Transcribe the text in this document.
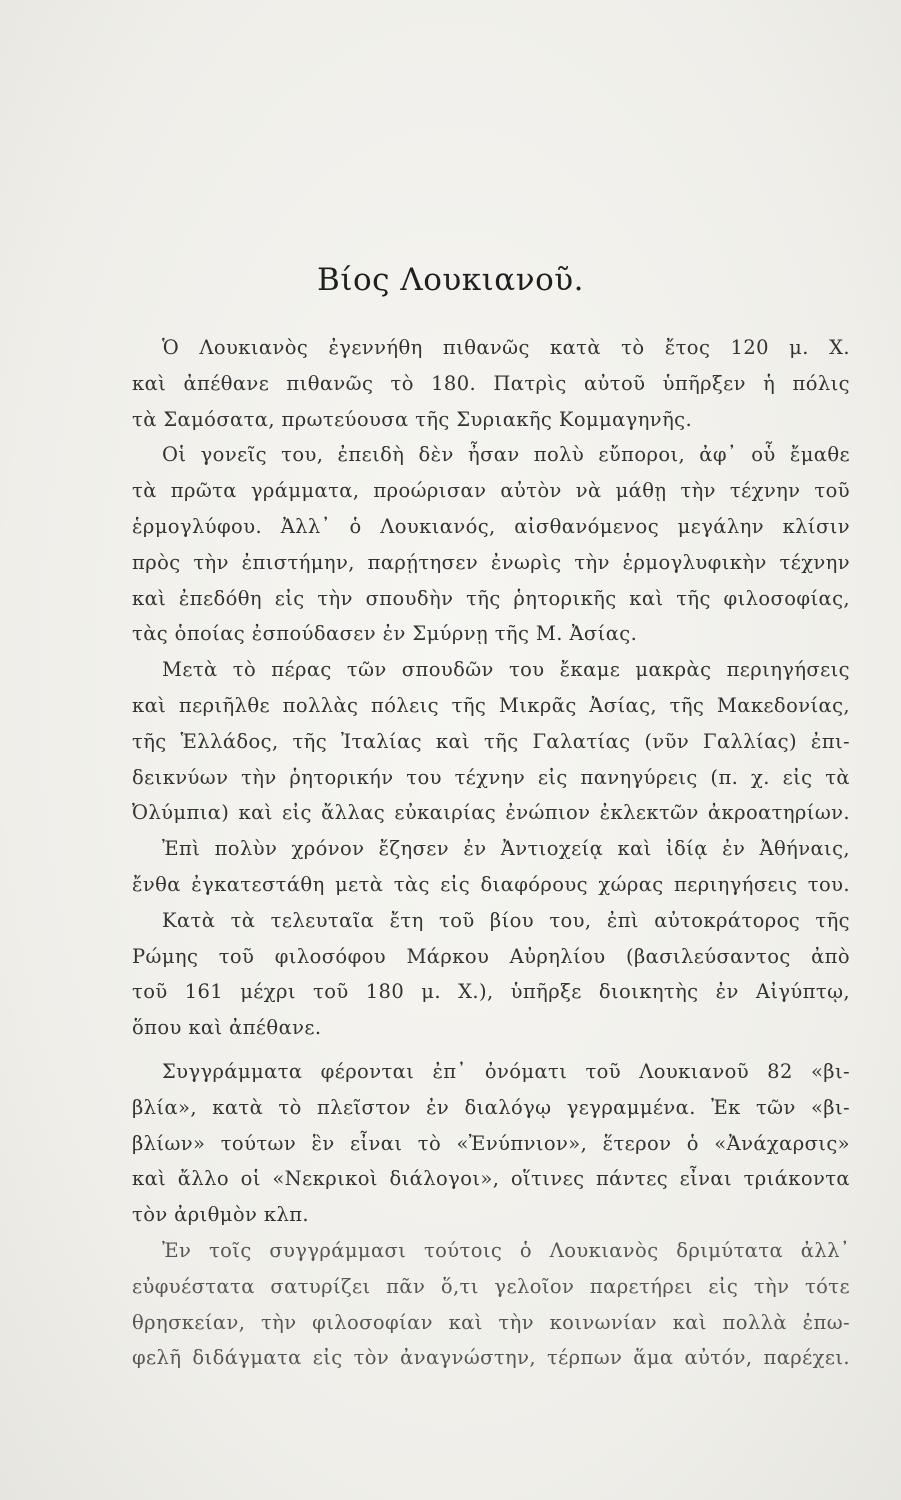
Βίος Λουκιανοῦ.
Ὁ Λουκιανὸς ἐγεννήθη πιθανῶς κατὰ τὸ ἔτος 120 μ. Χ.
καὶ ἀπέθανε πιθανῶς τὸ 180. Πατρὶς αὐτοῦ ὑπῆρξεν ἡ πόλις
τὰ Σαμόσατα, πρωτεύουσα τῆς Συριακῆς Κομμαγηνῆς.
Οἱ γονεῖς του, ἐπειδὴ δὲν ἦσαν πολὺ εὔποροι, ἀφ᾽ οὗ ἔμαθε
τὰ πρῶτα γράμματα, προώρισαν αὐτὸν νὰ μάθῃ τὴν τέχνην τοῦ
ἑρμογλύφου. Ἀλλ᾽ ὁ Λουκιανός, αἰσθανόμενος μεγάλην κλίσιν
πρὸς τὴν ἐπιστήμην, παρῄτησεν ἐνωρὶς τὴν ἑρμογλυφικὴν τέχνην
καὶ ἐπεδόθη εἰς τὴν σπουδὴν τῆς ῥητορικῆς καὶ τῆς φιλοσοφίας,
τὰς ὁποίας ἐσπούδασεν ἐν Σμύρνῃ τῆς Μ. Ἀσίας.
Μετὰ τὸ πέρας τῶν σπουδῶν του ἔκαμε μακρὰς περιηγήσεις
καὶ περιῆλθε πολλὰς πόλεις τῆς Μικρᾶς Ἀσίας, τῆς Μακεδονίας,
τῆς Ἑλλάδος, τῆς Ἰταλίας καὶ τῆς Γαλατίας (νῦν Γαλλίας) ἐπι-
δεικνύων τὴν ῥητορικήν του τέχνην εἰς πανηγύρεις (π. χ. εἰς τὰ
Ὀλύμπια) καὶ εἰς ἄλλας εὐκαιρίας ἐνώπιον ἐκλεκτῶν ἀκροατηρίων.
Ἐπὶ πολὺν χρόνον ἔζησεν ἐν Ἀντιοχείᾳ καὶ ἰδίᾳ ἐν Ἀθήναις,
ἔνθα ἐγκατεστάθη μετὰ τὰς εἰς διαφόρους χώρας περιηγήσεις του.
Κατὰ τὰ τελευταῖα ἔτη τοῦ βίου του, ἐπὶ αὐτοκράτορος τῆς
Ρώμης τοῦ φιλοσόφου Μάρκου Αὐρηλίου (βασιλεύσαντος ἀπὸ
τοῦ 161 μέχρι τοῦ 180 μ. Χ.), ὑπῆρξε διοικητὴς ἐν Αἰγύπτῳ,
ὅπου καὶ ἀπέθανε.
Συγγράμματα φέρονται ἐπ᾽ ὀνόματι τοῦ Λουκιανοῦ 82 «βι-
βλία», κατὰ τὸ πλεῖστον ἐν διαλόγῳ γεγραμμένα. Ἐκ τῶν «βι-
βλίων» τούτων ἓν εἶναι τὸ «Ἐνύπνιον», ἕτερον ὁ «Ἀνάχαρσις»
καὶ ἄλλο οἱ «Νεκρικοὶ διάλογοι», οἵτινες πάντες εἶναι τριάκοντα
τὸν ἀριθμὸν κλπ.
Ἐν τοῖς συγγράμμασι τούτοις ὁ Λουκιανὸς δριμύτατα ἀλλ᾽
εὐφυέστατα σατυρίζει πᾶν ὅ,τι γελοῖον παρετήρει εἰς τὴν τότε
θρησκείαν, τὴν φιλοσοφίαν καὶ τὴν κοινωνίαν καὶ πολλὰ ἐπω-
φελῆ διδάγματα εἰς τὸν ἀναγνώστην, τέρπων ἅμα αὐτόν, παρέχει.
